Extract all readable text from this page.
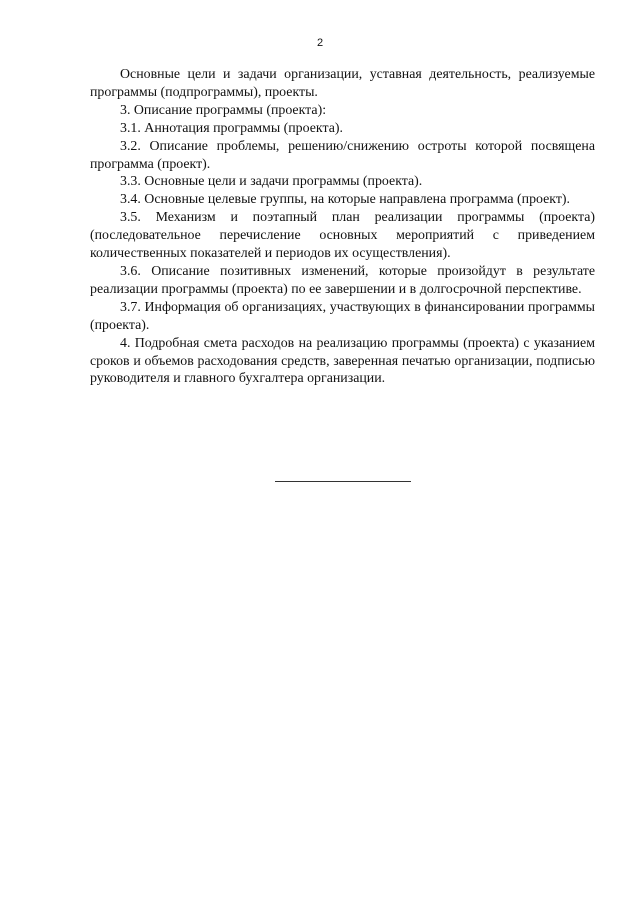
2

Основные цели и задачи организации, уставная деятельность, реализуемые программы (подпрограммы), проекты.

3. Описание программы (проекта):

3.1. Аннотация программы (проекта).

3.2. Описание проблемы, решению/снижению остроты которой посвящена программа (проект).

3.3. Основные цели и задачи программы (проекта).

3.4. Основные целевые группы, на которые направлена программа (проект).

3.5. Механизм и поэтапный план реализации программы (проекта) (последовательное перечисление основных мероприятий с приведением количественных показателей и периодов их осуществления).

3.6. Описание позитивных изменений, которые произойдут в результате реализации программы (проекта) по ее завершении и в долгосрочной перспективе.

3.7. Информация об организациях, участвующих в финансировании программы (проекта).

4. Подробная смета расходов на реализацию программы (проекта) с указанием сроков и объемов расходования средств, заверенная печатью организации, подписью руководителя и главного бухгалтера организации.
